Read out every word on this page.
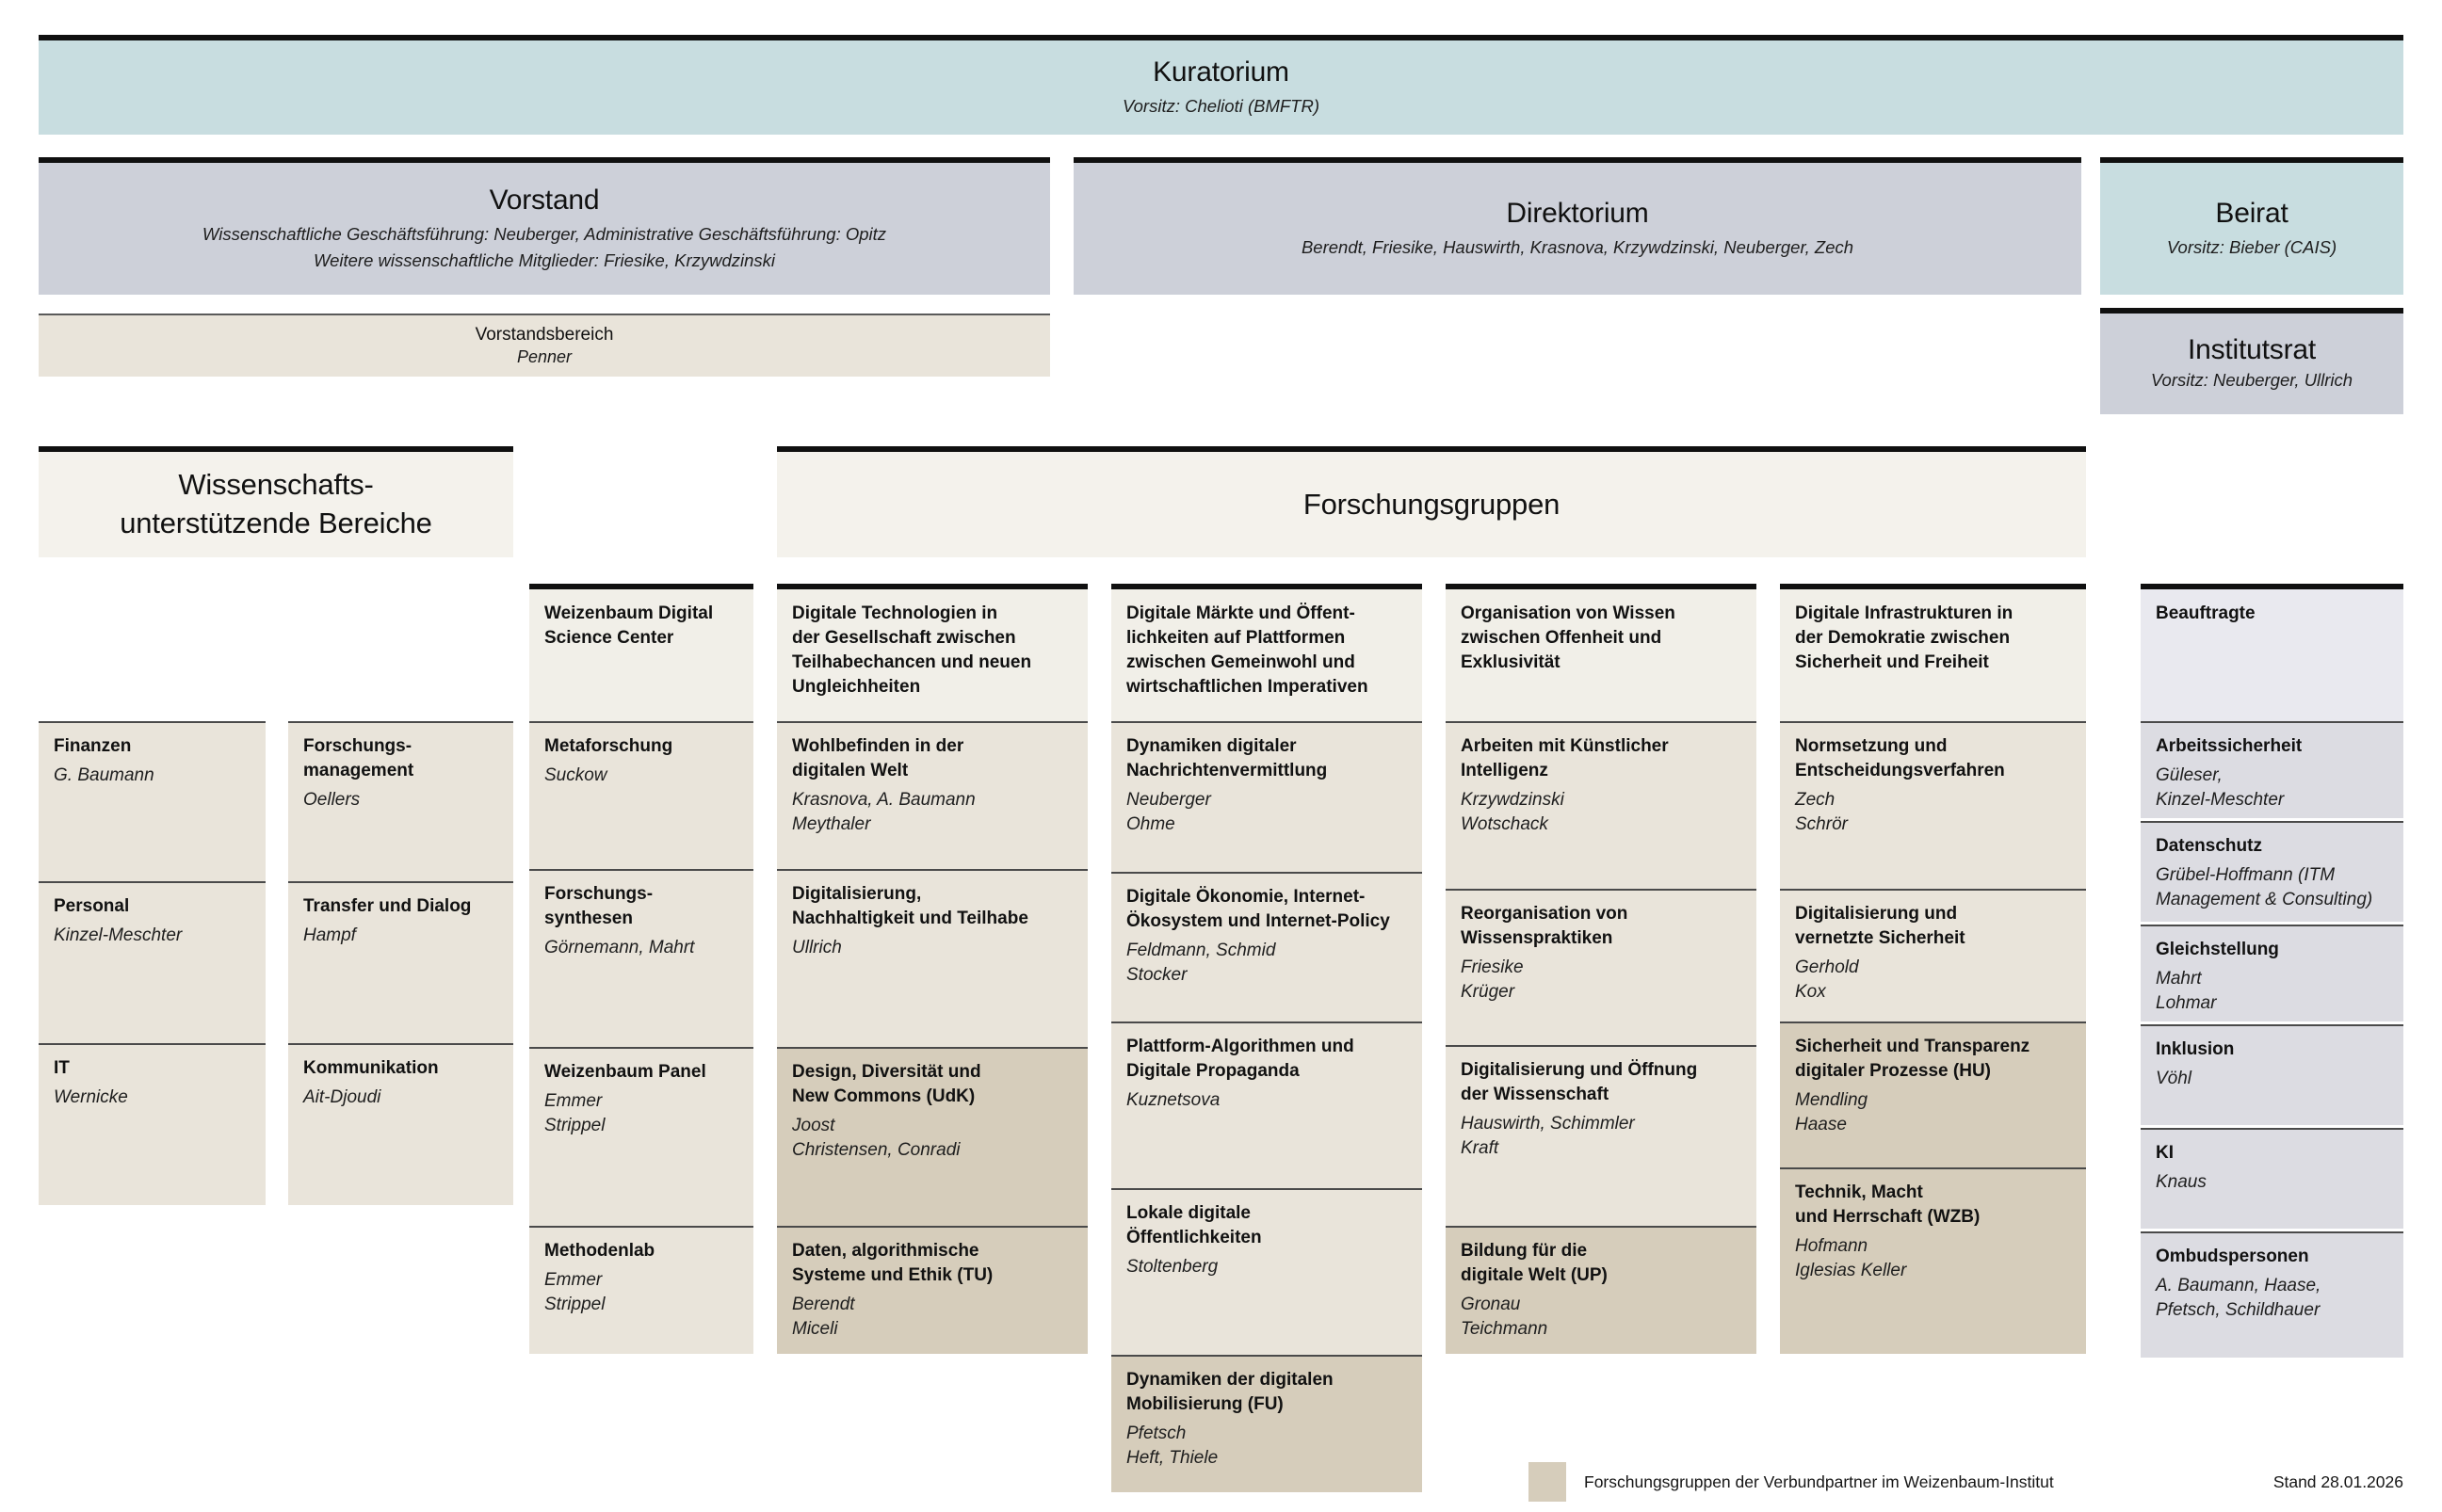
Kuratorium

Vorsitz: Chelioti (BMFTR)

Vorstand

Wissenschaftliche Geschäftsführung: Neuberger, Administrative Geschäftsführung: Opitz

Weitere wissenschaftliche Mitglieder: Friesike, Krzywdzinski

Direktorium

Berendt, Friesike, Hauswirth, Krasnova, Krzywdzinski, Neuberger, Zech

Beirat

Vorsitz: Bieber (CAIS)

Vorstandsbereich
Penner	Institutsrat

Vorsitz: Neuberger, Ullrich

Wissenschafts-
unterstützende Bereiche
Forschungsgruppen
Forschungsgruppen der Verbundpartner im Weizenbaum-Institut	Stand 28.01.2026
Finanzen
G. Baumann
Personal
Kinzel-Meschter
IT
Wernicke
Forschungs-
management
Oellers
Transfer und Dialog
Hampf
Kommunikation
Ait-Djoudi
Weizenbaum Digital
Science Center
Metaforschung
Suckow
Forschungs-
synthesen
Görnemann, Mahrt
Weizenbaum Panel
Emmer
Strippel
Methodenlab
Emmer
Strippel
Digitale Technologien in
der Gesellschaft zwischen
Teilhabechancen und neuen
Ungleichheiten
Wohlbefinden in der
digitalen Welt
Krasnova, A. Baumann
Meythaler
Digitalisierung,
Nachhaltigkeit und Teilhabe
Ullrich
Design, Diversität und
New Commons (UdK)
Joost
Christensen, Conradi
Daten, algorithmische
Systeme und Ethik (TU)
Berendt
Miceli
Digitale Märkte und Öffent-
lichkeiten auf Plattformen
zwischen Gemeinwohl und
wirtschaftlichen Imperativen
Dynamiken digitaler
Nachrichtenvermittlung
Neuberger
Ohme
Digitale Ökonomie, Internet-
Ökosystem und Internet-Policy
Feldmann, Schmid
Stocker
Plattform-Algorithmen und
Digitale Propaganda
Kuznetsova
Lokale digitale
Öffentlichkeiten
Stoltenberg
Dynamiken der digitalen
Mobilisierung (FU)
Pfetsch
Heft, Thiele
Organisation von Wissen
zwischen Offenheit und
Exklusivität
Arbeiten mit Künstlicher
Intelligenz
Krzywdzinski
Wotschack
Reorganisation von
Wissenspraktiken
Friesike
Krüger
Digitalisierung und Öffnung
der Wissenschaft
Hauswirth, Schimmler
Kraft
Bildung für die
digitale Welt (UP)
Gronau
Teichmann
Digitale Infrastrukturen in
der Demokratie zwischen
Sicherheit und Freiheit
Normsetzung und
Entscheidungsverfahren
Zech
Schrör
Digitalisierung und
vernetzte Sicherheit
Gerhold
Kox
Sicherheit und Transparenz
digitaler Prozesse (HU)
Mendling
Haase
Technik, Macht
und Herrschaft (WZB)
Hofmann
Iglesias Keller
Beauftragte
Arbeitssicherheit
Güleser,
Kinzel-Meschter
Datenschutz
Grübel-Hoffmann (ITM
Management & Consulting)
Gleichstellung
Mahrt
Lohmar
Inklusion
Vöhl
KI
Knaus
Ombudspersonen
A. Baumann, Haase,
Pfetsch, Schildhauer
